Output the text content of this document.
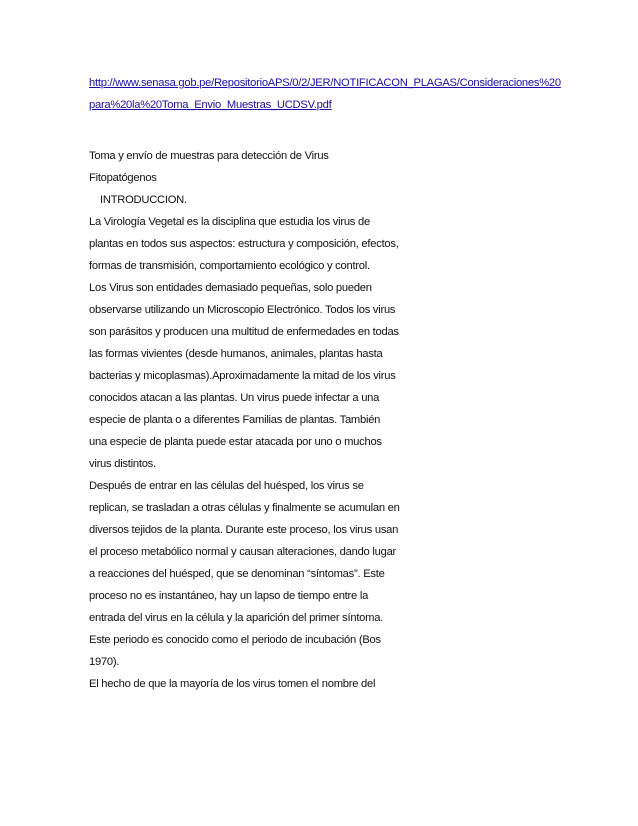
http://www.senasa.gob.pe/RepositorioAPS/0/2/JER/NOTIFICACON_PLAGAS/Consideraciones%20
para%20la%20Toma_Envio_Muestras_UCDSV.pdf
Toma y envío de muestras para detección de Virus
Fitopatógenos
INTRODUCCION.
La Virología Vegetal es la disciplina que estudia los virus de
plantas en todos sus aspectos: estructura y composición, efectos,
formas de transmisión, comportamiento ecológico y control.
Los Virus son entidades demasiado pequeñas, solo pueden
observarse utilizando un Microscopio Electrónico. Todos los virus
son parásitos y producen una multitud de enfermedades en todas
las formas vivientes (desde humanos, animales, plantas hasta
bacterias y micoplasmas).Aproximadamente la mitad de los virus
conocidos atacan a las plantas. Un virus puede infectar a una
especie de planta o a diferentes Familias de plantas. También
una especie de planta puede estar atacada por uno o muchos
virus distintos.
Después de entrar en las células del huésped, los virus se
replican, se trasladan a otras células y finalmente se acumulan en
diversos tejidos de la planta. Durante este proceso, los virus usan
el proceso metabólico normal y causan alteraciones, dando lugar
a reacciones del huésped, que se denominan “síntomas”. Este
proceso no es instantáneo, hay un lapso de tiempo entre la
entrada del virus en la célula y la aparición del primer síntoma.
Este periodo es conocido como el periodo de incubación (Bos
1970).
El hecho de que la mayoría de los virus tomen el nombre del
